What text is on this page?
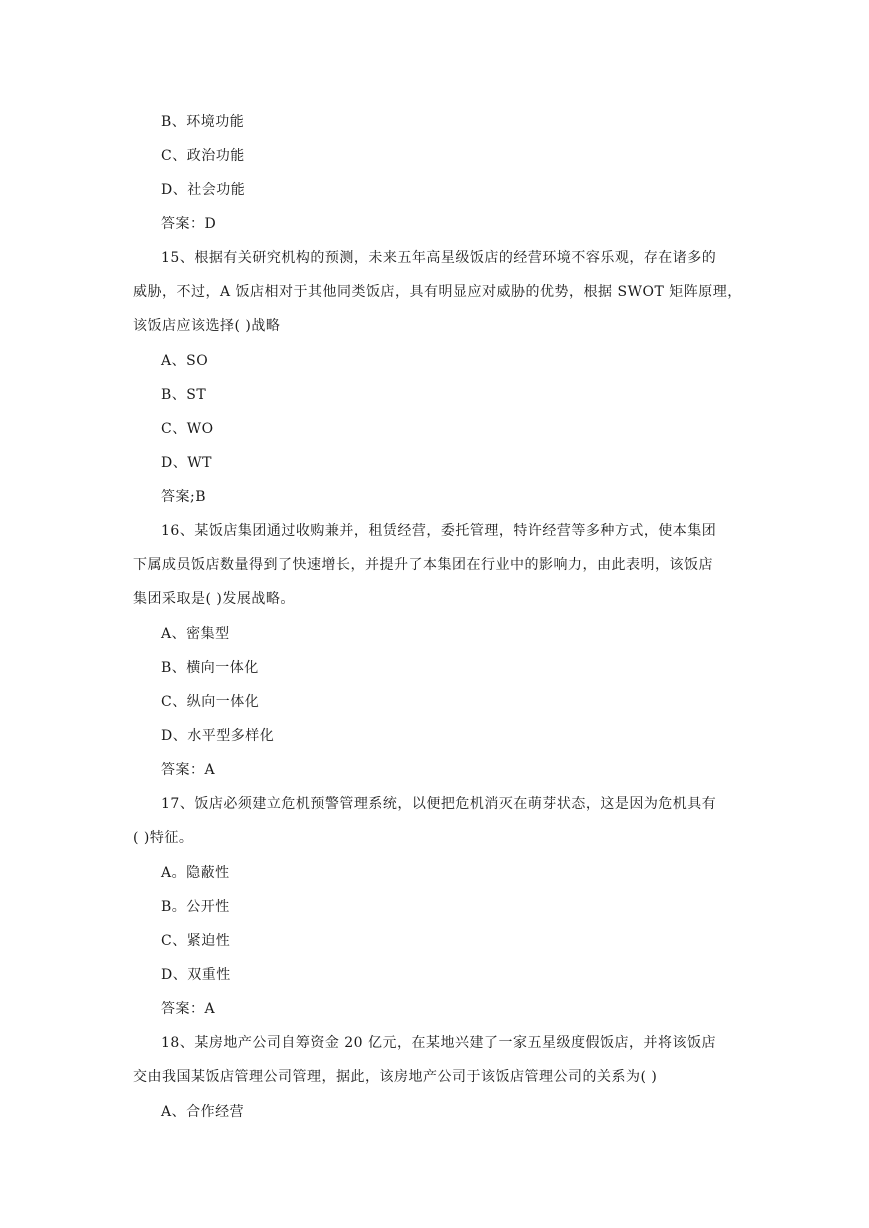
B、环境功能
C、政治功能
D、社会功能
答案：D
15、根据有关研究机构的预测，未来五年高星级饭店的经营环境不容乐观，存在诸多的
威胁，不过，A 饭店相对于其他同类饭店，具有明显应对威胁的优势，根据 SWOT 矩阵原理，
该饭店应该选择( )战略
A、SO
B、ST
C、WO
D、WT
答案;B
16、某饭店集团通过收购兼并，租赁经营，委托管理，特许经营等多种方式，使本集团
下属成员饭店数量得到了快速增长，并提升了本集团在行业中的影响力，由此表明，该饭店
集团采取是( )发展战略。
A、密集型
B、横向一体化
C、纵向一体化
D、水平型多样化
答案：A
17、饭店必须建立危机预警管理系统，以便把危机消灭在萌芽状态，这是因为危机具有
( )特征。
A。隐蔽性
B。公开性
C、紧迫性
D、双重性
答案：A
18、某房地产公司自筹资金 20 亿元，在某地兴建了一家五星级度假饭店，并将该饭店
交由我国某饭店管理公司管理，据此，该房地产公司于该饭店管理公司的关系为( )
A、合作经营
